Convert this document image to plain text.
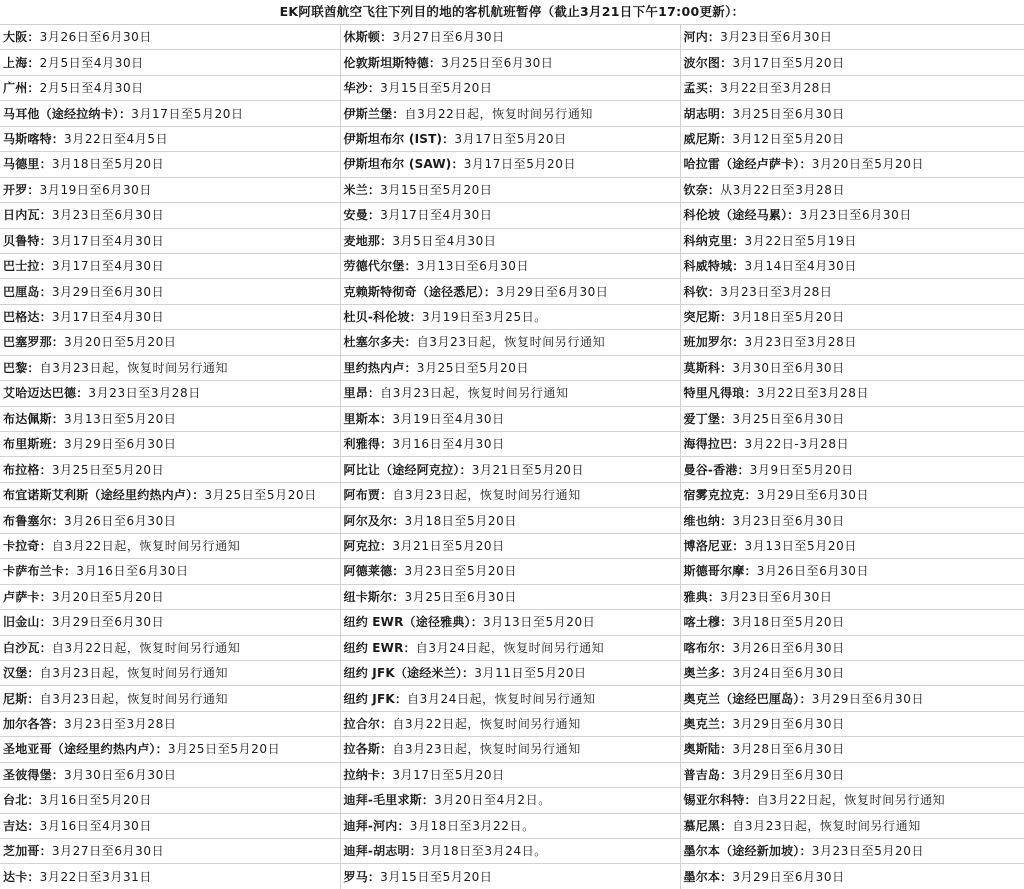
EK阿联酋航空飞往下列目的地的客机航班暂停（截止3月21日下午17:00更新）：
大阪：3月26日至6月30日	休斯顿：3月27日至6月30日	河内：3月23日至6月30日
上海：2月5日至4月30日	伦敦斯坦斯特德：3月25日至6月30日	波尔图：3月17日至5月20日
广州：2月5日至4月30日	华沙：3月15日至5月20日	孟买：3月22日至3月28日
马耳他（途经拉纳卡）：3月17日至5月20日	伊斯兰堡：自3月22日起，恢复时间另行通知	胡志明：3月25日至6月30日
马斯喀特：3月22日至4月5日	伊斯坦布尔 (IST)：3月17日至5月20日	威尼斯：3月12日至5月20日
马德里：3月18日至5月20日	伊斯坦布尔 (SAW)：3月17日至5月20日	哈拉雷（途经卢萨卡）：3月20日至5月20日
开罗：3月19日至6月30日	米兰：3月15日至5月20日	钦奈：从3月22日至3月28日
日内瓦：3月23日至6月30日	安曼：3月17日至4月30日	科伦坡（途经马累）：3月23日至6月30日
贝鲁特：3月17日至4月30日	麦地那：3月5日至4月30日	科纳克里：3月22日至5月19日
巴士拉：3月17日至4月30日	劳德代尔堡：3月13日至6月30日	科威特城：3月14日至4月30日
巴厘岛：3月29日至6月30日	克赖斯特彻奇（途径悉尼）：3月29日至6月30日	科钦：3月23日至3月28日
巴格达：3月17日至4月30日	杜贝-科伦坡：3月19日至3月25日。	突尼斯：3月18日至5月20日
巴塞罗那：3月20日至5月20日	杜塞尔多夫：自3月23日起，恢复时间另行通知	班加罗尔：3月23日至3月28日
巴黎：自3月23日起，恢复时间另行通知	里约热内卢：3月25日至5月20日	莫斯科：3月30日至6月30日
艾哈迈达巴德：3月23日至3月28日	里昂：自3月23日起，恢复时间另行通知	特里凡得琅：3月22日至3月28日
布达佩斯：3月13日至5月20日	里斯本：3月19日至4月30日	爱丁堡：3月25日至6月30日
布里斯班：3月29日至6月30日	利雅得：3月16日至4月30日	海得拉巴：3月22日-3月28日
布拉格：3月25日至5月20日	阿比让（途经阿克拉）：3月21日至5月20日	曼谷-香港：3月9日至5月20日
布宜诺斯艾利斯（途经里约热内卢）：3月25日至5月20日	阿布贾：自3月23日起，恢复时间另行通知	宿雾克拉克：3月29日至6月30日
布鲁塞尔：3月26日至6月30日	阿尔及尔：3月18日至5月20日	维也纳：3月23日至6月30日
卡拉奇：自3月22日起，恢复时间另行通知	阿克拉：3月21日至5月20日	博洛尼亚：3月13日至5月20日
卡萨布兰卡：3月16日至6月30日	阿德莱德：3月23日至5月20日	斯德哥尔摩：3月26日至6月30日
卢萨卡：3月20日至5月20日	纽卡斯尔：3月25日至6月30日	雅典：3月23日至6月30日
旧金山：3月29日至6月30日	纽约 EWR（途径雅典）：3月13日至5月20日	喀土穆：3月18日至5月20日
白沙瓦：自3月22日起，恢复时间另行通知	纽约 EWR：自3月24日起，恢复时间另行通知	喀布尔：3月26日至6月30日
汉堡：自3月23日起，恢复时间另行通知	纽约 JFK（途经米兰）：3月11日至5月20日	奥兰多：3月24日至6月30日
尼斯：自3月23日起，恢复时间另行通知	纽约 JFK：自3月24日起，恢复时间另行通知	奥克兰（途经巴厘岛）：3月29日至6月30日
加尔各答：3月23日至3月28日	拉合尔：自3月22日起，恢复时间另行通知	奥克兰：3月29日至6月30日
圣地亚哥（途经里约热内卢）：3月25日至5月20日	拉各斯：自3月23日起，恢复时间另行通知	奥斯陆：3月28日至6月30日
圣彼得堡：3月30日至6月30日	拉纳卡：3月17日至5月20日	普吉岛：3月29日至6月30日
台北：3月16日至5月20日	迪拜-毛里求斯：3月20日至4月2日。	锡亚尔科特：自3月22日起，恢复时间另行通知
吉达：3月16日至4月30日	迪拜-河内：3月18日至3月22日。	慕尼黑：自3月23日起，恢复时间另行通知
芝加哥：3月27日至6月30日	迪拜-胡志明：3月18日至3月24日。	墨尔本（途经新加坡）：3月23日至5月20日
达卡：3月22日至3月31日	罗马：3月15日至5月20日	墨尔本：3月29日至6月30日
